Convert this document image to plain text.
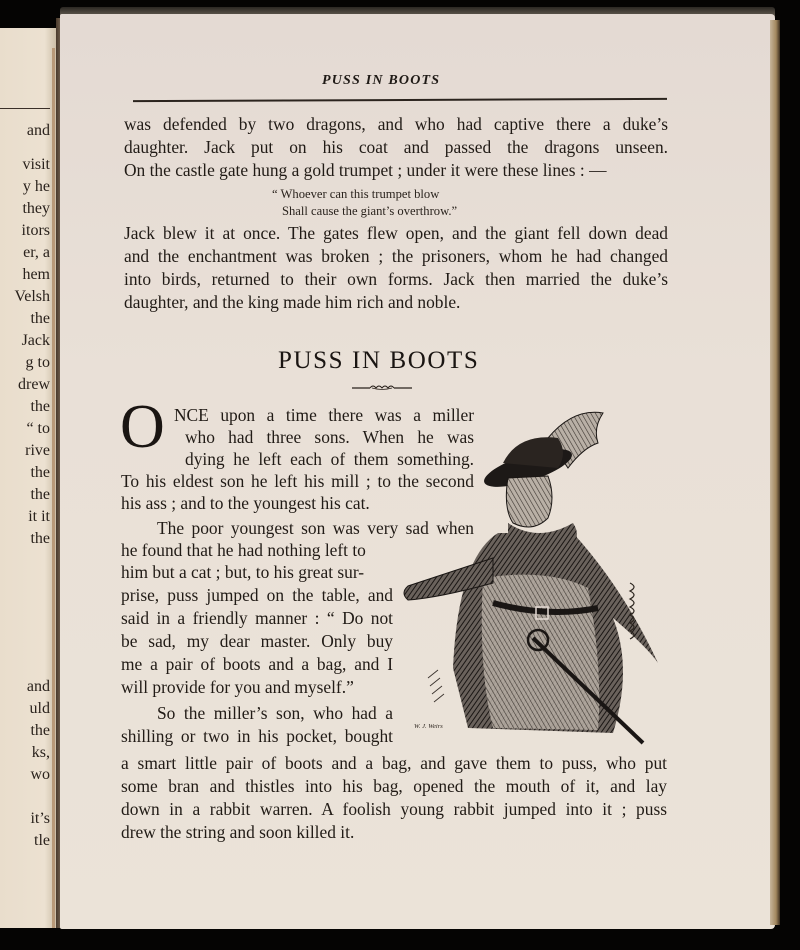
and
visit
y he
they
itors
er, a
hem
Velsh
the
Jack
g to
drew
the
“ to
rive
the
the
it it
the
and
uld
the
ks,
wo
it’s
tle
PUSS IN BOOTS
was defended by two dragons, and who had captive there a duke’s
daughter. Jack put on his coat and passed the dragons unseen.
On the castle gate hung a gold trumpet ; under it were these lines : —
“ Whoever can this trumpet blow
Shall cause the giant’s overthrow.”
Jack blew it at once. The gates flew open, and the giant fell down dead
and the enchantment was broken ; the prisoners, whom he had changed
into birds, returned to their own forms. Jack then married the duke’s
daughter, and the king made him rich and noble.
PUSS IN BOOTS
O NCE upon a time there was a miller
who had three sons. When he was
dying he left each of them something.
To his eldest son he left his mill ; to the second
his ass ; and to the youngest his cat.
The poor youngest son was very sad when
he found that he had nothing left to
him but a cat ; but, to his great sur-
prise, puss jumped on the table, and
said in a friendly manner : “ Do not
be sad, my dear master. Only buy
me a pair of boots and a bag, and I
will provide for you and myself.”
So the miller’s son, who had a
shilling or two in his pocket, bought
a smart little pair of boots and a bag, and gave them to puss, who put
some bran and thistles into his bag, opened the mouth of it, and lay
down in a rabbit warren. A foolish young rabbit jumped into it ; puss
drew the string and soon killed it.
W. J. Weirs
